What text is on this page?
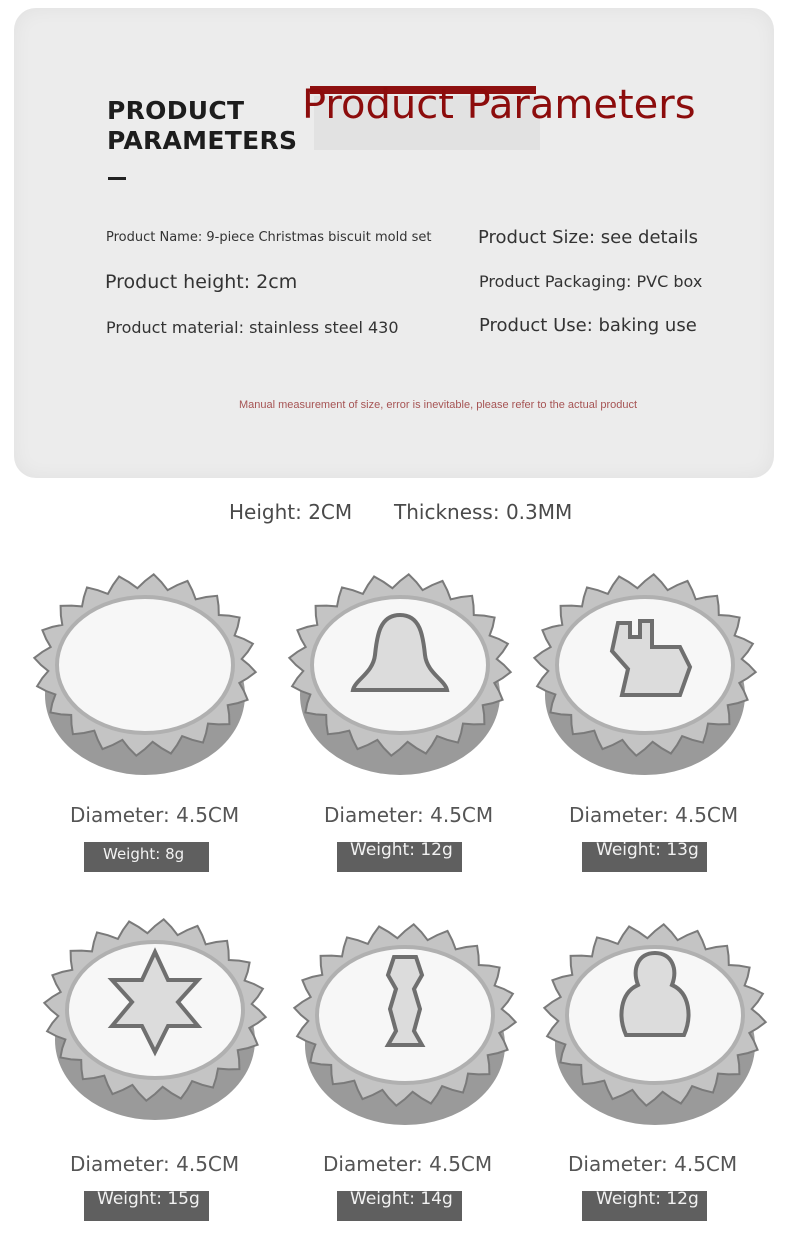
PRODUCT
PARAMETERS
Product Parameters
Product Name: 9-piece Christmas biscuit mold set	Product Size: see details
Product height: 2cm	Product Packaging: PVC box
Product material: stainless steel 430	Product Use: baking use
Manual measurement of size, error is inevitable, please refer to the actual product
Height: 2CM Thickness: 0.3MM
Diameter: 4.5CM	Diameter: 4.5CM	Diameter: 4.5CM
Diameter: 4.5CM	Diameter: 4.5CM	Diameter: 4.5CM
Weight: 8g	Weight: 12g	Weight: 13g
Weight: 15g	Weight: 14g	Weight: 12g
